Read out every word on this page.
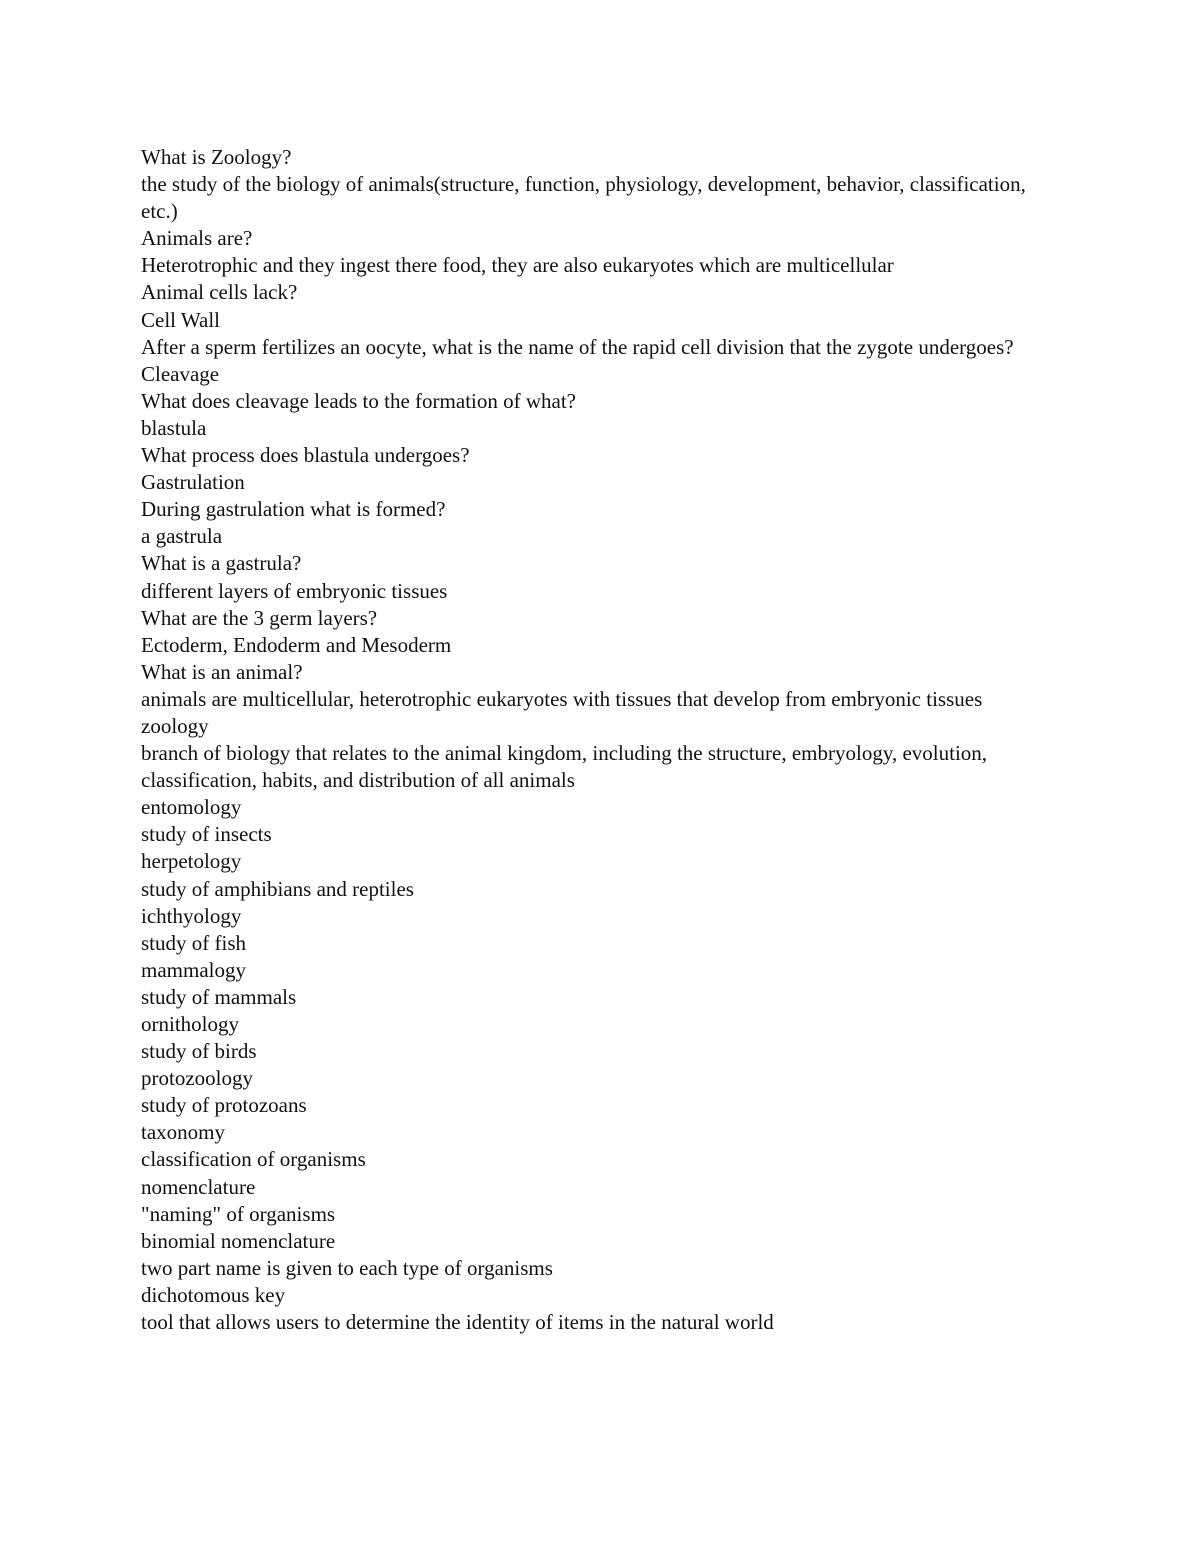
What is Zoology?

the study of the biology of animals(structure, function, physiology, development, behavior, classification, etc.)

Animals are?

Heterotrophic and they ingest there food, they are also eukaryotes which are multicellular

Animal cells lack?

Cell Wall

After a sperm fertilizes an oocyte, what is the name of the rapid cell division that the zygote undergoes?

Cleavage

What does cleavage leads to the formation of what?

blastula

What process does blastula undergoes?

Gastrulation

During gastrulation what is formed?

a gastrula

What is a gastrula?

different layers of embryonic tissues

What are the 3 germ layers?

Ectoderm, Endoderm and Mesoderm

What is an animal?

animals are multicellular, heterotrophic eukaryotes with tissues that develop from embryonic tissues

zoology

branch of biology that relates to the animal kingdom, including the structure, embryology, evolution, classification, habits, and distribution of all animals

entomology

study of insects

herpetology

study of amphibians and reptiles

ichthyology

study of fish

mammalogy

study of mammals

ornithology

study of birds

protozoology

study of protozoans

taxonomy

classification of organisms

nomenclature

"naming" of organisms

binomial nomenclature

two part name is given to each type of organisms

dichotomous key

tool that allows users to determine the identity of items in the natural world
